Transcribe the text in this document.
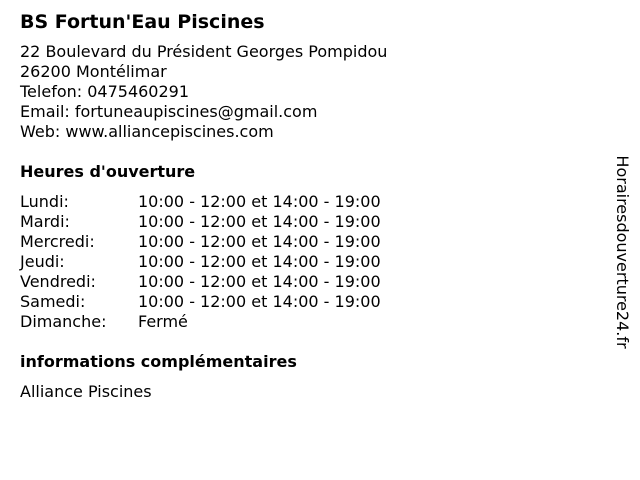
BS Fortun'Eau Piscines
22 Boulevard du Président Georges Pompidou
26200 Montélimar
Telefon: 0475460291
Email: fortuneaupiscines@gmail.com
Web: www.alliancepiscines.com
Heures d'ouverture
Lundi:	10:00 - 12:00 et 14:00 - 19:00
Mardi:	10:00 - 12:00 et 14:00 - 19:00
Mercredi:	10:00 - 12:00 et 14:00 - 19:00
Jeudi:	10:00 - 12:00 et 14:00 - 19:00
Vendredi:	10:00 - 12:00 et 14:00 - 19:00
Samedi:	10:00 - 12:00 et 14:00 - 19:00
Dimanche:	Fermé
informations complémentaires
Alliance Piscines
Horairesdouverture24.fr
